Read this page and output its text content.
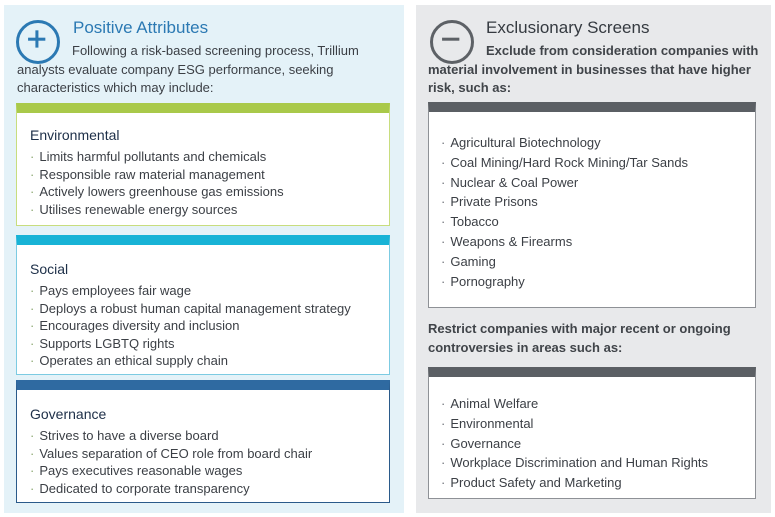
Positive Attributes

Following a risk-based screening process, Trillium analysts evaluate company ESG performance, seeking characteristics which may include:

Environmental
· Limits harmful pollutants and chemicals
· Responsible raw material management
· Actively lowers greenhouse gas emissions
· Utilises renewable energy sources
Social
· Pays employees fair wage
· Deploys a robust human capital management strategy
· Encourages diversity and inclusion
· Supports LGBTQ rights
· Operates an ethical supply chain
Governance
· Strives to have a diverse board
· Values separation of CEO role from board chair
· Pays executives reasonable wages
· Dedicated to corporate transparency
Exclusionary Screens

Exclude from consideration companies with material involvement in businesses that have higher risk, such as:

· Agricultural Biotechnology
· Coal Mining/Hard Rock Mining/Tar Sands
· Nuclear & Coal Power
· Private Prisons
· Tobacco
· Weapons & Firearms
· Gaming
· Pornography

Restrict companies with major recent or ongoing controversies in areas such as:

· Animal Welfare
· Environmental
· Governance
· Workplace Discrimination and Human Rights
· Product Safety and Marketing
